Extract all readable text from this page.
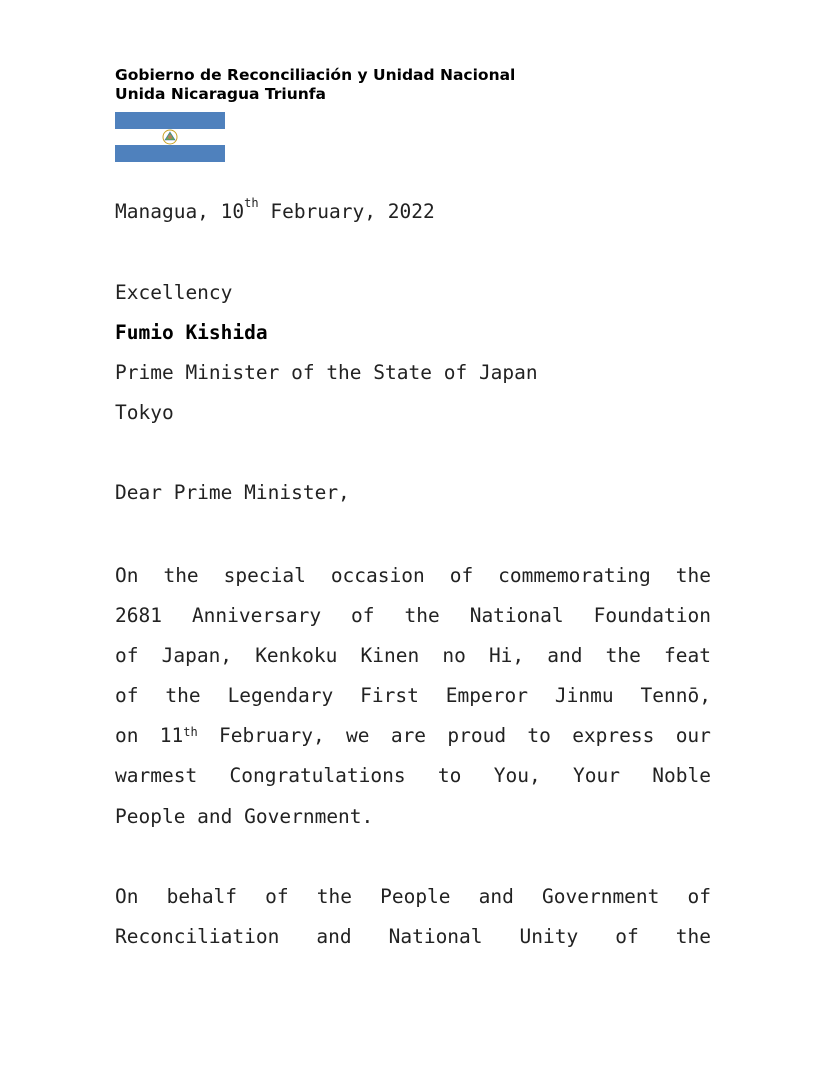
Gobierno de Reconciliación y Unidad Nacional
Unida Nicaragua Triunfa
Managua, 10th February, 2022
Excellency
Fumio Kishida
Prime Minister of the State of Japan
Tokyo
Dear Prime Minister,
On the special occasion of commemorating the
2681 Anniversary of the National Foundation
of Japan, Kenkoku Kinen no Hi, and the feat
of the Legendary First Emperor Jinmu Tennō,
on 11th February, we are proud to express our
warmest Congratulations to You, Your Noble
People and Government.
On behalf of the People and Government of
Reconciliation and National Unity of the
